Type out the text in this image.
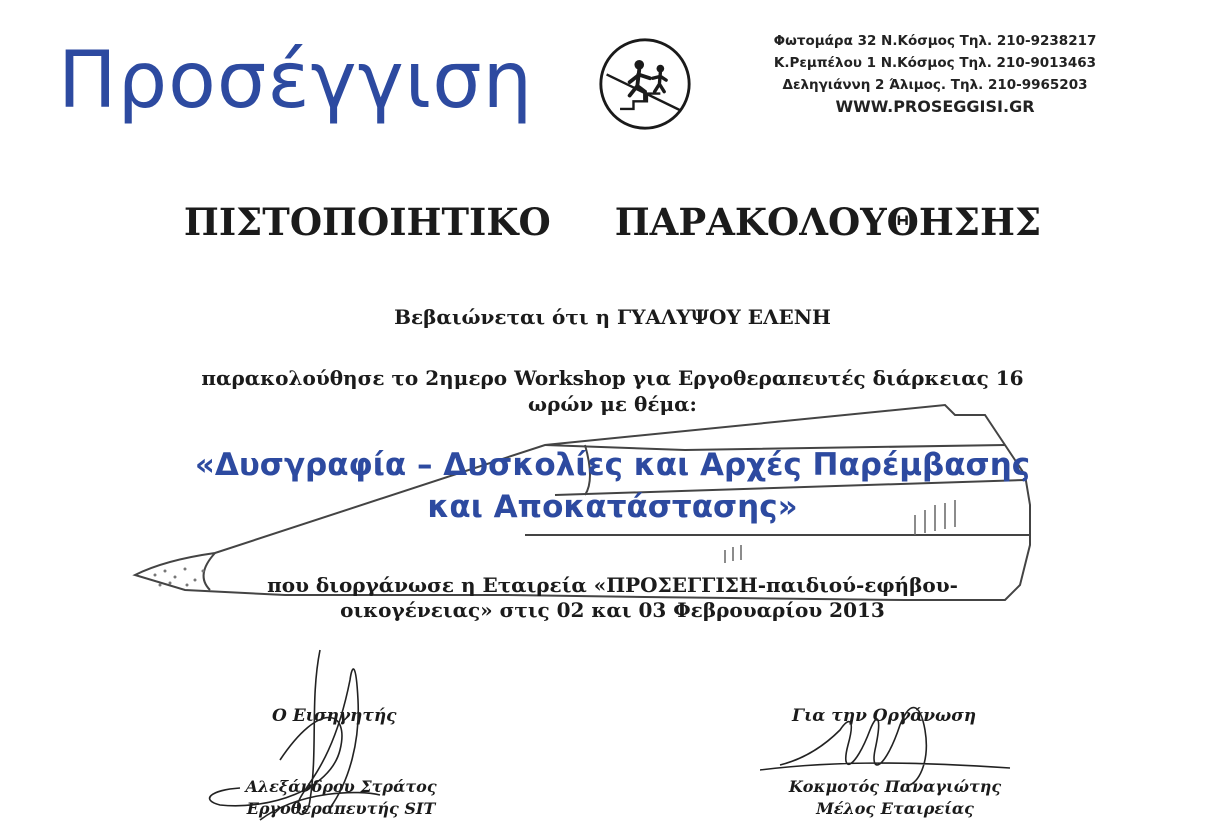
Προσέγγιση	Φωτομάρα 32 Ν.Κόσμος Τηλ. 210-9238217
Κ.Ρεμπέλου 1 Ν.Κόσμος Τηλ. 210-9013463
Δεληγιάννη 2 Άλιμος. Τηλ. 210-9965203
WWW.PROSEGGISI.GR
ΠΙΣΤΟΠΟΙΗΤΙΚΟ ΠΑΡΑΚΟΛΟΥΘΗΣΗΣ
Βεβαιώνεται ότι η ΓΥΑΛΥΨΟΥ ΕΛΕΝΗ
παρακολούθησε το 2ημερο Workshop για Εργοθεραπευτές διάρκειας 16
ωρών με θέμα:
«Δυσγραφία – Δυσκολίες και Αρχές Παρέμβασης
και Αποκατάστασης»
που διοργάνωσε η Εταιρεία «ΠΡΟΣΕΓΓΙΣΗ-παιδιού-εφήβου-
οικογένειας» στις 02 και 03 Φεβρουαρίου 2013
Ο Εισηγητής
Αλεξάνδρου Στράτος
Εργοθεραπευτής SIT
Για την Οργάνωση
Κοκμοτός Παναγιώτης
Μέλος Εταιρείας
